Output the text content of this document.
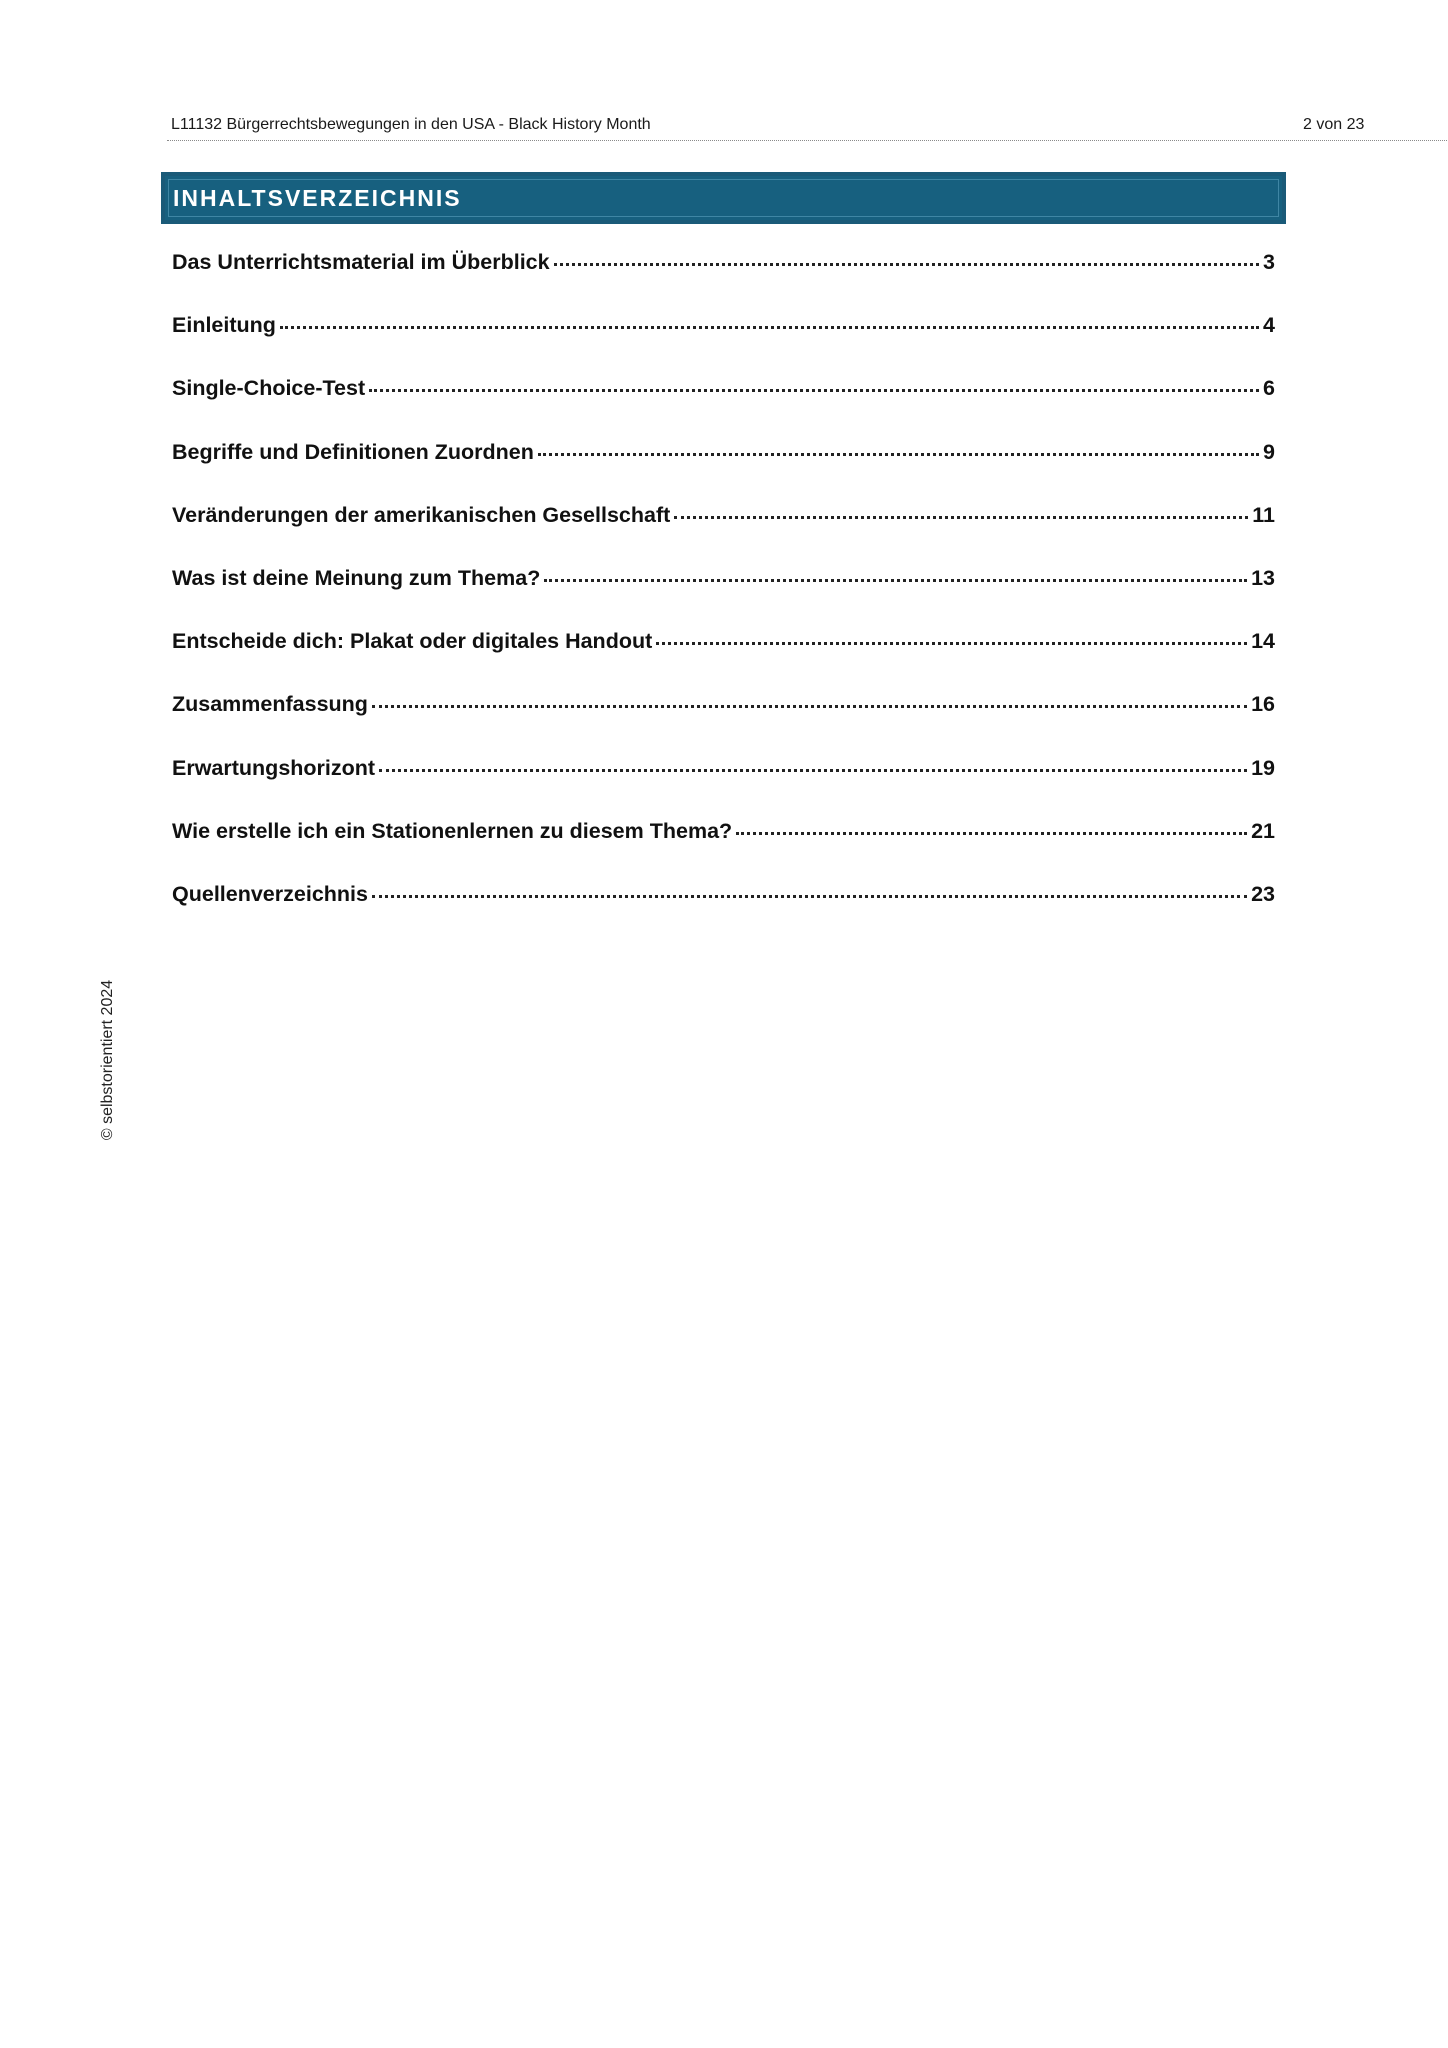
L11132 Bürgerrechtsbewegungen in den USA - Black History Month	2 von 23
INHALTSVERZEICHNIS
Das Unterrichtsmaterial im Überblick	3
Einleitung	4
Single-Choice-Test	6
Begriffe und Definitionen Zuordnen	9
Veränderungen der amerikanischen Gesellschaft	11
Was ist deine Meinung zum Thema?	13
Entscheide dich: Plakat oder digitales Handout	14
Zusammenfassung	16
Erwartungshorizont	19
Wie erstelle ich ein Stationenlernen zu diesem Thema?	21
Quellenverzeichnis	23
© selbstorientiert 2024
